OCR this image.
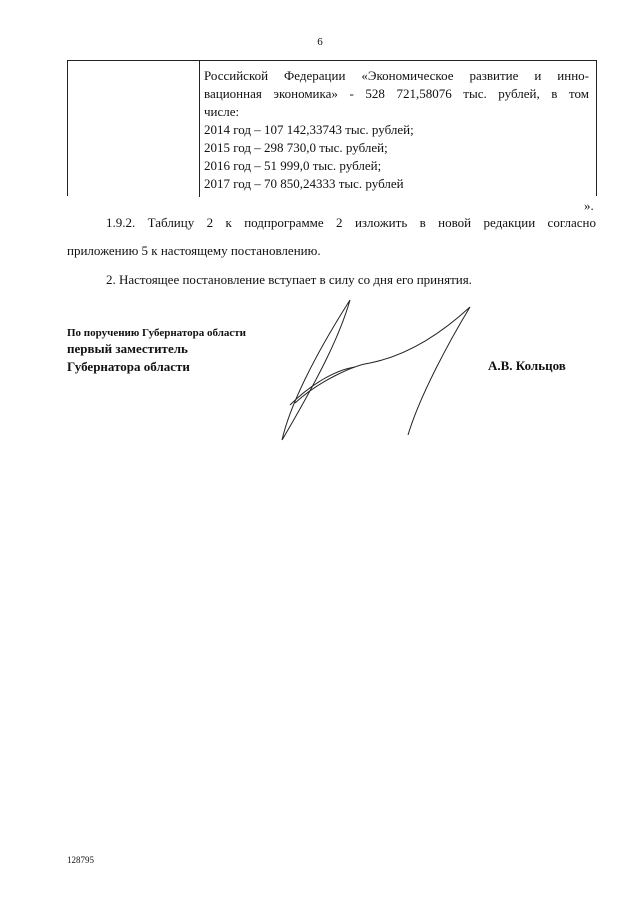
6
Российской Федерации «Экономическое развитие и инно-
вационная экономика» - 528 721,58076 тыс. рублей, в том
числе:
2014 год – 107 142,33743 тыс. рублей;
2015 год – 298 730,0 тыс. рублей;
2016 год – 51 999,0 тыс. рублей;
2017 год – 70 850,24333 тыс. рублей
».
1.9.2. Таблицу 2 к подпрограмме 2 изложить в новой редакции согласно
приложению 5 к настоящему постановлению.
2. Настоящее постановление вступает в силу со дня его принятия.
По поручению Губернатора области
первый заместитель
Губернатора области	А.В. Кольцов
128795
